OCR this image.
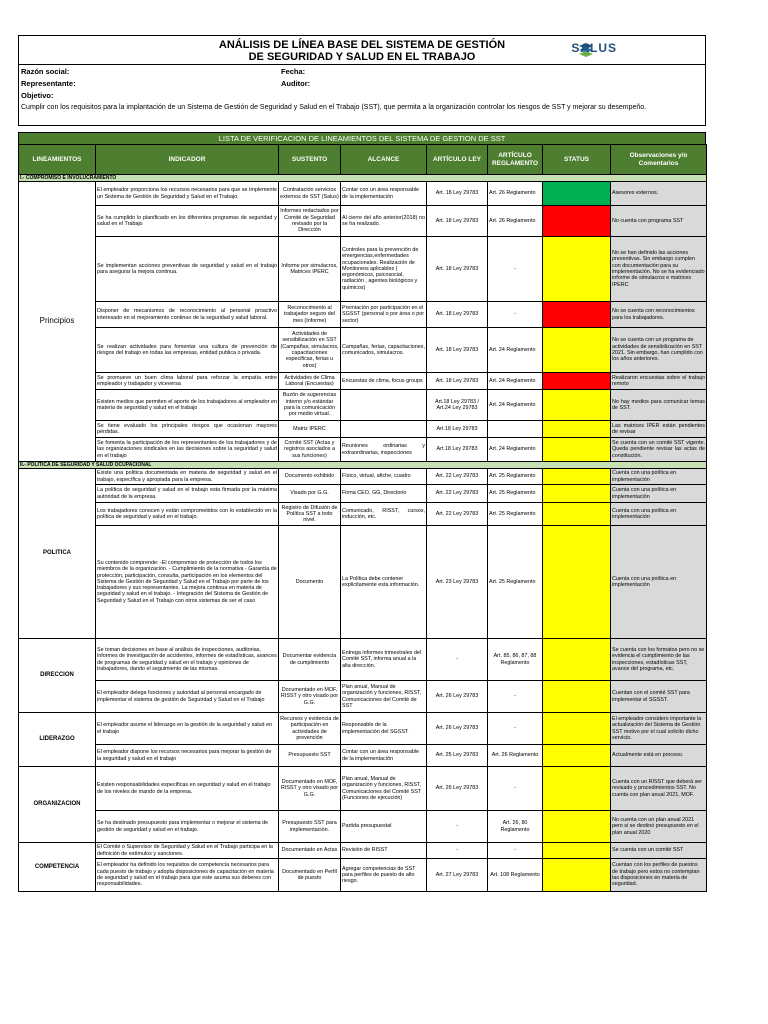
ANÁLISIS DE LÍNEA BASE DEL SISTEMA DE GESTIÓN
DE SEGURIDAD Y SALUD EN EL TRABAJO
SALUS
Razón social:
Representante:
Objetivo:
Fecha:
Auditor:
Cumplir con los requisitos para la implantación de un Sistema de Gestión de Seguridad y Salud en el Trabajo (SST), que permita a la organización controlar los riesgos de SST y mejorar su desempeño.
LISTA DE VERIFICACION DE LINEAMIENTOS DEL SISTEMA DE GESTION DE SST
LINEAMIENTOS	INDICADOR	SUSTENTO	ALCANCE	ARTÍCULO LEY	ARTÍCULO REGLAMENTO	STATUS	Observaciones y/o Comentarios
I.- COMPROMISO E INVOLUCRAMIENTO							
Principios	El empleador proporciona los recursos necesarios para que se implemente un Sistema de Gestión de Seguridad y Salud en el Trabajo.	Contratación servicios externos de SST (Salus)	Contar con un área responsable de la implementación	Art. 18 Ley 29783	Art. 26 Reglamento		Asesores externos.
	Se ha cumplido lo planificado en los diferentes programas de seguridad y salud en el Trabajo	Informes redactados por Comité de Seguridad revisado por la Dirección	Al cierre del año anterior(2018) no se ha realizado.	Art. 18 Ley 29783	Art. 26 Reglamento		No cuenta con programa SST
	Se implementan acciones preventivas de seguridad y salud en el trabajo para asegurar la mejora continua.	Informe por simulacros, Matrices IPERC	Controles para la prevención de emergencias,enfermedades ocupacionales. Realización de Monitoreos aplicables ( ergonómicos, psicosocial, radiación , agentes biológicos y químicos)	Art. 18 Ley 29783	-		No se han definido las acciones preventivas. Sin embargo cumplen con documentación para su implementación. No se ha evidenciado informe de simulacros e matrices IPERC
	Disponer de mecanismos de reconocimiento al personal proactivo interesado en el mejoramiento continuo de la seguridad y salud laboral.	Reconocimiento al trabajador seguro del mes (Informe)	Premiación por participación en el SGSST (personal o por área o por sector)	Art. 18 Ley 29783	-		No se cuenta con reconocimientos para los trabajadores.
	Se realizan actividades para fomentar una cultura de prevención de riesgos del trabajo en todas las empresas, entidad publica o privada.	Actividades de sensibilización en SST (Campañas, simulacros, capacitaciones especificas, ferias u otros)	Campañas, ferias, capacitaciones, comunicados, simulacros.	Art. 18 Ley 29783	Art. 24 Reglamento		No se cuenta con un programa de actividades de sensibilización en SST 2021. Sin embargo, han cumplido con los años anteriores.
	Se promueve un buen clima laboral para reforzar la empatía entre empleador y trabajador y viceversa	Actividades de Clima Laboral (Encuestas)	Encuestas de clima, focus groups	Art. 18 Ley 29783	Art. 24 Reglamento		Realizaron encuestas sobre el trabajo remoto
	Existen medios que permiten el aporte de los trabajadores al empleador en materia de seguridad y salud en el trabajo	Buzón de sugerencias interno y/o estándar para la comunicación por medio virtual.		Art.18 Ley 29783 / Art.24 Ley 29783	Art. 24 Reglamento		No hay medios para comunicar temas de SST.
	Se tiene evaluado los principales riesgos que ocasionan mayores pérdidas.	Matriz IPERC		Art.18 Ley 29783			Las matrices IPER están pendientes de revisar
	Se fomenta la participación de los representantes de los trabajadores y de las organizaciones sindicales en las decisiones sobre la seguridad y salud en el trabajo	Comité SST (Actas y registros asociados a sus funciones)	Reuniones ordinarias y extraordinarias, inspecciones	Art.18 Ley 29783	Art. 24 Reglamento		Se cuenta con un comité SST vigente. Queda pendiente revisar las actas de constitución.
II.- POLITICA DE SEGURIDAD Y SALUD OCUPACIONAL							
POLITICA	Existe una política documentada en materia de seguridad y salud en el trabajo, específica y apropiada para la empresa.	Documento exhibido	Físico, virtual, afiche, cuadro	Art. 22 Ley 29783	Art. 25 Reglamento		Cuenta con una política en implementación
	La política de seguridad y salud en el trabajo esta firmada por la máxima autoridad de la empresa.	Visado por G.G.	Firma CEO, GG, Directorio	Art. 22 Ley 29783	Art. 25 Reglamento		Cuenta con una política en implementación
	Los trabajadores conocen y están comprometidos con lo establecido en la política de seguridad y salud en el trabajo.	Registro de Difusión de Política SST a todo nivel.	Comunicado, RISST, cursos, inducción, etc.	Art. 22 Ley 29783	Art. 25 Reglamento		Cuenta con una política en implementación
	Su contenido comprende: -El compromiso de protección de todos los miembros de la organización. - Cumplimiento de la normativa - Garantía de protección, participación, consulta, participación en los elementos del Sistema de Gestión de Seguridad y Salud en el Trabajo por parte de los trabajadores y sus representantes. La mejora continua en materia de seguridad y salud en el trabajo. - Integración del Sistema de Gestión de Seguridad y Salud en el Trabajo con otros sistemas de ser el caso	Documento	La Política debe contener explícitamente esta información.	Art. 23 Ley 29783	Art. 25 Reglamento		Cuenta con una política en implementación
DIRECCION	Se toman decisiones en base al análisis de inspecciones, auditorias, informes de investigación de accidentes, informes de estadísticas, avances de programas de seguridad y salud en el trabajo y opiniones de trabajadores, dando el seguimiento de las mismas.	Documentar evidencia de cumplimiento	Entrega informes trimestrales del Comité SST, informa anual a la alta dirección.	-	Art. 85, 86, 87, 88 Reglamento		Se cuenta con los formatos pero no se evidencia el cumplimiento de las inspecciones, estadísticas SST, avance del programa, etc.
	El empleador delega funciones y autoridad al personal encargado de implementar el sistema de gestión de Seguridad y Salud en el Trabajo	Documentado en MOF, RISST y otro visado por G.G.	Plan anual, Manual de organización y funciones, RISST, Comunicaciones del Comité de SST	Art. 26 Ley 29783	-		Cuentan con el comité SST para implementar el SGSST.
LIDERAZGO	El empleador asume el liderazgo en la gestión de la seguridad y salud en el trabajo	Recursos y evidencia de participación en actividades de prevención	Responsable de la implementación del SGSST	Art. 26 Ley 29783	-		El empleador considero importante la actualización del Sistema de Gestión SST motivo por el cual solicito dicho servicio.
	El empleador dispone los recursos necesarios para mejorar la gestión de la seguridad y salud en el trabajo	Presupuesto SST	Contar con un área responsable de la implementación	Art. 25 Ley 29783	Art. 26 Reglamento		Actualmente está en proceso.
ORGANIZACION	Existen responsabilidades específicas en seguridad y salud en el trabajo de los niveles de mando de la empresa.	Documentado en MOF, RISST y otro visado por G.G.	Plan anual, Manual de organización y funciones, RISST, Comunicaciones del Comité SST (Funciones de ejecución)	Art. 26 Ley 29783	-		Cuenta con un RISST que deberá ser revisado y procedimientos SST. No cuenta con plan anual 2021, MOF.
	Se ha destinado presupuesto para implementar o mejorar el sistema de gestión de seguridad y salud en el trabajo.	Presupuesto SST para implementación.	Partida presupuestal	-	Art. 26, 80 Reglamento		No cuenta con un plan anual 2021 pero si se destinó presupuesto en el plan anual 2020
COMPETENCIA	El Comité o Supervisor de Seguridad y Salud en el Trabajo participa en la definición de estímulos y sanciones.	Documentado en Actas	Revisión de RISST	-	-		Se cuenta con un comité SST
	El empleador ha definido los requisitos de competencia necesarios para cada puesto de trabajo y adopta disposiciones de capacitación en materia de seguridad y salud en el trabajo para que este asuma sus deberes con responsabilidades.	Documentado en Perfil de puesto	Agregar competencias de SST para perfiles de puesto de alto riesgo.	Art. 27 Ley 29783	Art. 108 Reglamento		Cuentan con los perfiles de puestos de trabajo pero estos no contemplan las disposiciones en materia de seguridad.
